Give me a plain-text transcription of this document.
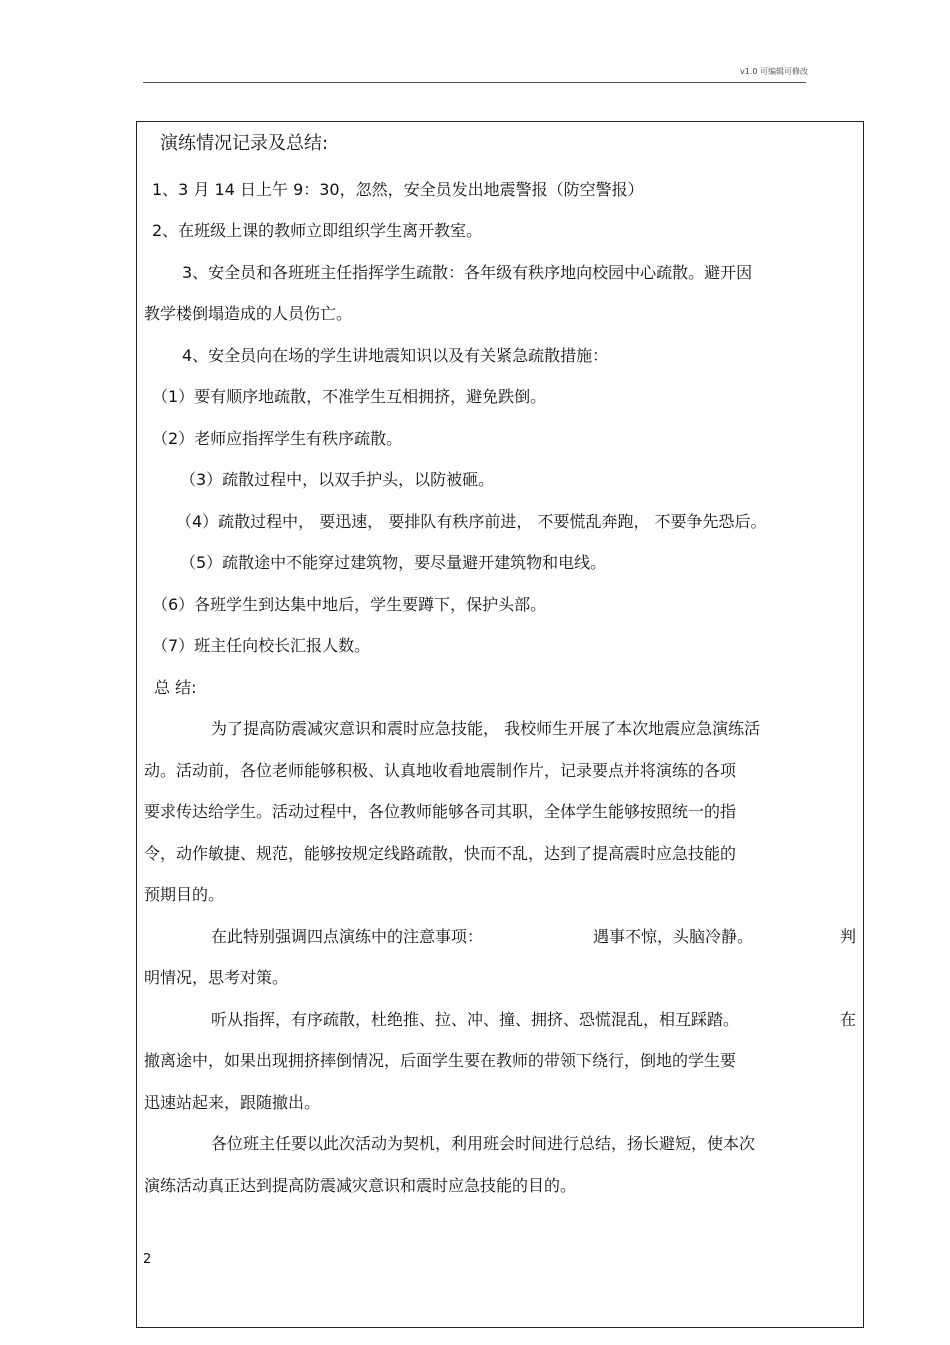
v1.0 可编辑可修改
演练情况记录及总结:
1、3 月 14 日上午 9：30，忽然，安全员发出地震警报（防空警报）
2、在班级上课的教师立即组织学生离开教室。
3、安全员和各班班主任指挥学生疏散：各年级有秩序地向校园中心疏散。避开因
教学楼倒塌造成的人员伤亡。
4、安全员向在场的学生讲地震知识以及有关紧急疏散措施：
（1）要有顺序地疏散，不准学生互相拥挤，避免跌倒。
（2）老师应指挥学生有秩序疏散。
（3）疏散过程中，以双手护头，以防被砸。
（4）疏散过程中， 要迅速， 要排队有秩序前进， 不要慌乱奔跑， 不要争先恐后。
（5）疏散途中不能穿过建筑物，要尽量避开建筑物和电线。
（6）各班学生到达集中地后，学生要蹲下，保护头部。
（7）班主任向校长汇报人数。
总 结:
为了提高防震减灾意识和震时应急技能， 我校师生开展了本次地震应急演练活
动。活动前，各位老师能够积极、认真地收看地震制作片，记录要点并将演练的各项
要求传达给学生。活动过程中，各位教师能够各司其职，全体学生能够按照统一的指
令，动作敏捷、规范，能够按规定线路疏散，快而不乱，达到了提高震时应急技能的
预期目的。
在此特别强调四点演练中的注意事项：	遇事不惊，头脑冷静。	判
明情况，思考对策。
听从指挥，有序疏散，杜绝推、拉、冲、撞、拥挤、恐慌混乱，相互踩踏。	在
撤离途中，如果出现拥挤摔倒情况，后面学生要在教师的带领下绕行，倒地的学生要
迅速站起来，跟随撤出。
各位班主任要以此次活动为契机，利用班会时间进行总结，扬长避短，使本次
演练活动真正达到提高防震减灾意识和震时应急技能的目的。
2
